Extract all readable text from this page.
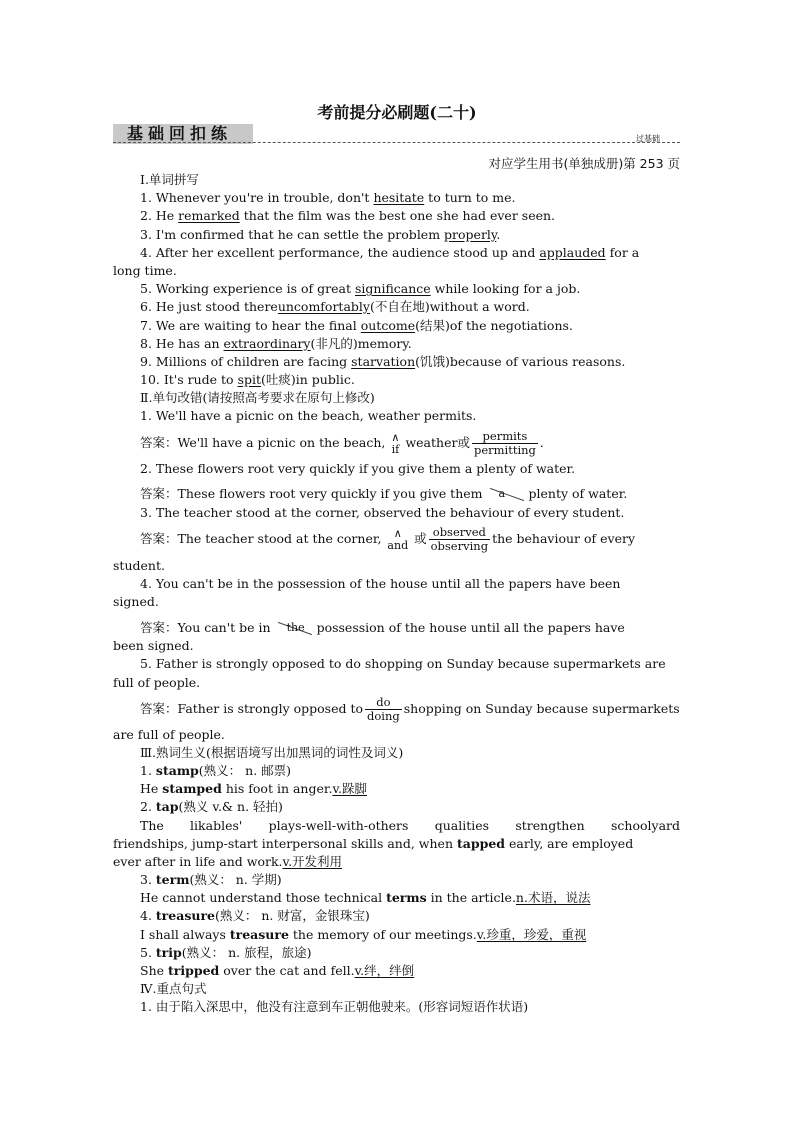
考前提分必刷题(二十)
基础回扣练	过基础
对应学生用书(单独成册)第 253 页
Ⅰ.单词拼写
1. Whenever you're in trouble, don't hesitate to turn to me.
2. He remarked that the film was the best one she had ever seen.
3. I'm confirmed that he can settle the problem properly.
4. After her excellent performance, the audience stood up and applauded for a
long time.
5. Working experience is of great significance while looking for a job.
6. He just stood thereuncomfortably(不自在地)without a word.
7. We are waiting to hear the final outcome(结果)of the negotiations.
8. He has an extraordinary(非凡的)memory.
9. Millions of children are facing starvation(饥饿)because of various reasons.
10. It's rude to spit(吐痰)in public.
Ⅱ.单句改错(请按照高考要求在原句上修改)
1. We'll have a picnic on the beach, weather permits.
答案：We'll have a picnic on the beach, ∧
if weather或 $\frac{\text{permits}}{\text{permitting}}$ .
2. These flowers root very quickly if you give them a plenty of water.
答案：These flowers root very quickly if you give them a plenty of water.
3. The teacher stood at the corner, observed the behaviour of every student.
答案：The teacher stood at the corner,	∧
and 或 $\frac{\text{observed}}{\text{observing}}$ the behaviour of every
student.
4. You can't be in the possession of the house until all the papers have been
signed.
答案：You can't be in the possession of the house until all the papers have
been signed.
5. Father is strongly opposed to do shopping on Sunday because supermarkets are
full of people.
答案：Father is strongly opposed to $\frac{do}{\text{doing}}$ shopping on Sunday because supermarkets
are full of people.
Ⅲ.熟词生义(根据语境写出加黑词的词性及词义)
1. stamp(熟义： n. 邮票)
He stamped his foot in anger.v.跺脚
2. tap(熟义 v.& n. 轻拍)
The likables' plays-well-with-others qualities strengthen schoolyard
friendships, jump-start interpersonal skills and, when tapped early, are employed
ever after in life and work.v.开发利用
3. term(熟义： n. 学期)
He cannot understand those technical terms in the article.n.术语，说法
4. treasure(熟义： n. 财富，金银珠宝)
I shall always treasure the memory of our meetings.v.珍重，珍爱，重视
5. trip(熟义： n. 旅程，旅途)
She tripped over the cat and fell.v.绊，绊倒
Ⅳ.重点句式
1. 由于陷入深思中，他没有注意到车正朝他驶来。(形容词短语作状语)
